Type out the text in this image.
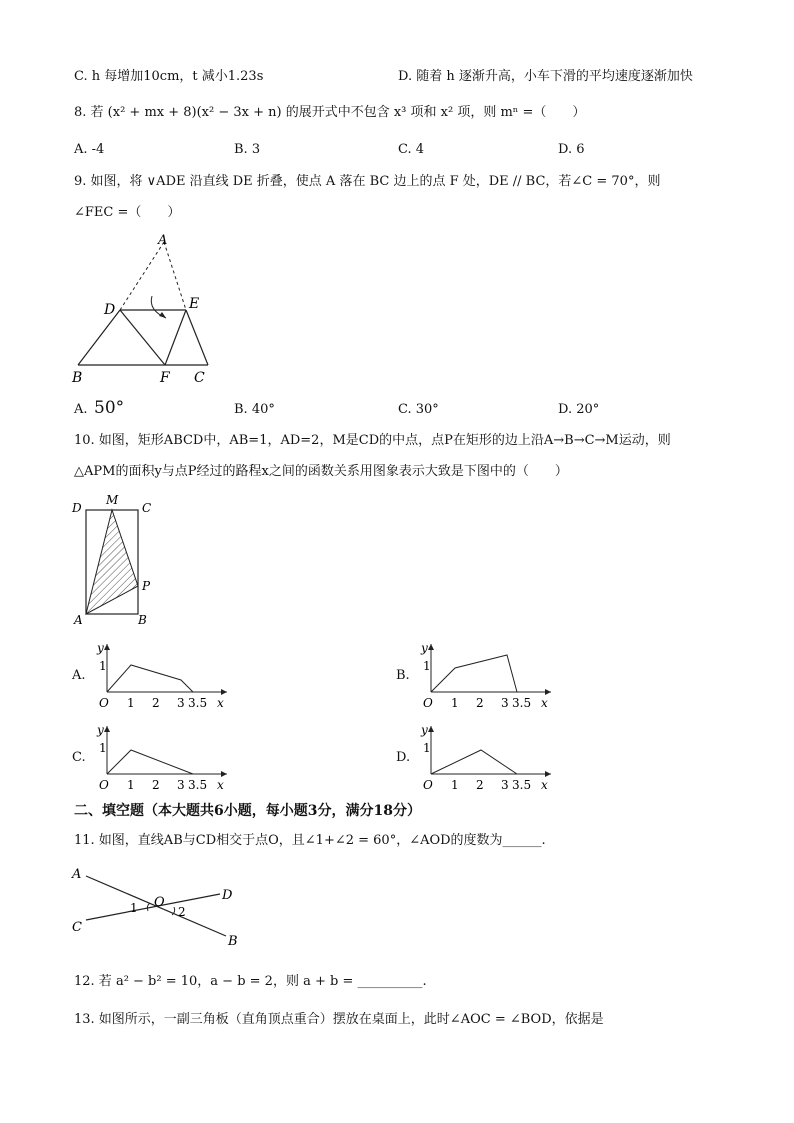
C. h 每增加10cm，t 减小1.23s	D. 随着 h 逐渐升高，小车下滑的平均速度逐渐加快
8. 若 (x² + mx + 8)(x² − 3x + n) 的展开式中不包含 x³ 项和 x² 项，则 mⁿ =（　　）
A. -4	B. 3	C. 4	D. 6
9. 如图，将 ∨ADE 沿直线 DE 折叠，使点 A 落在 BC 边上的点 F 处，DE // BC，若∠C = 70°，则
∠FEC =（　　）
A
D	E
B	F C
A. 50°	B. 40°	C. 30°	D. 20°
10. 如图，矩形ABCD中，AB=1，AD=2，M是CD的中点，点P在矩形的边上沿A→B→C→M运动，则
△APM的面积y与点P经过的路程x之间的函数关系用图象表示大致是下图中的（　　）
D
M
C
P
A	B
A.
y
1
O 1 2 3 3.5 x
B.
y
1
O 1 2 3 3.5 x
C.
y
1
O 1 2 3 3.5 x
D.
y
1
O 1 2 3 3.5 x
二、填空题（本大题共6小题，每小题3分，满分18分）
11. 如图，直线AB与CD相交于点O，且∠1+∠2 = 60°，∠AOD的度数为______.
A
D
C
B
O
1	2
12. 若 a² − b² = 10，a − b = 2，则 a + b = __________.
13. 如图所示，一副三角板（直角顶点重合）摆放在桌面上，此时∠AOC = ∠BOD，依据是
